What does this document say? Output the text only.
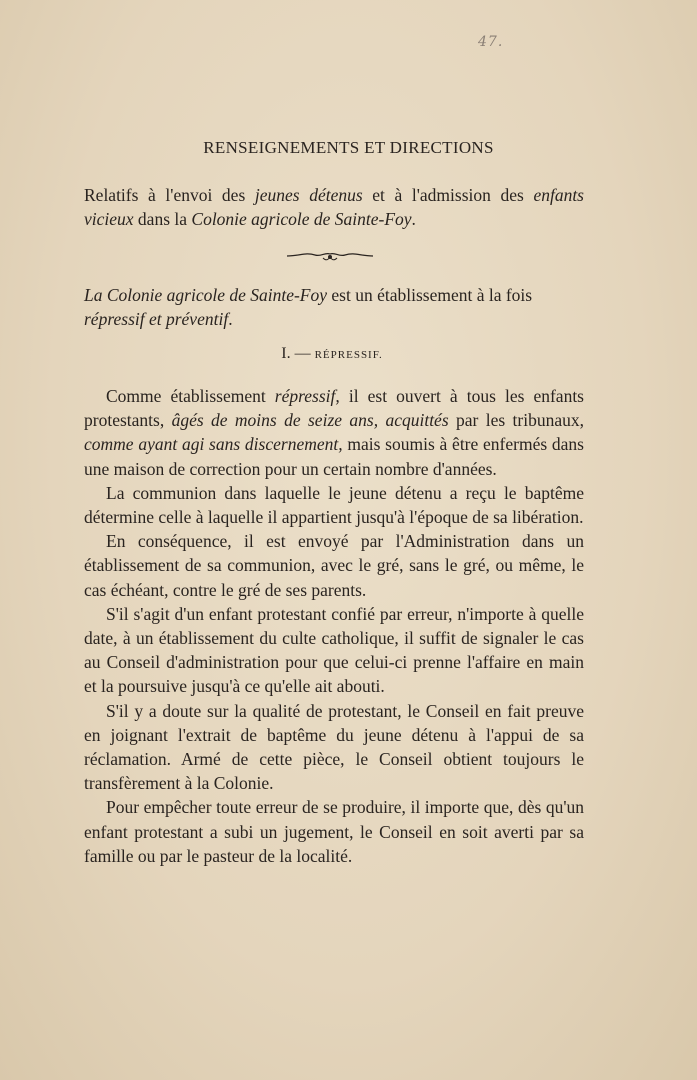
47.
RENSEIGNEMENTS ET DIRECTIONS
Relatifs à l'envoi des jeunes détenus et à l'admission des enfants vicieux dans la Colonie agricole de Sainte-Foy.
La Colonie agricole de Sainte-Foy est un établissement à la fois répressif et préventif.
I. — RÉPRESSIF.

Comme établissement répressif, il est ouvert à tous les enfants protestants, âgés de moins de seize ans, acquittés par les tribunaux, comme ayant agi sans discernement, mais soumis à être enfermés dans une maison de correction pour un certain nombre d'années.

La communion dans laquelle le jeune détenu a reçu le baptême détermine celle à laquelle il appartient jusqu'à l'époque de sa libération.

En conséquence, il est envoyé par l'Administration dans un établissement de sa communion, avec le gré, sans le gré, ou même, le cas échéant, contre le gré de ses parents.

S'il s'agit d'un enfant protestant confié par erreur, n'importe à quelle date, à un établissement du culte catholique, il suffit de signaler le cas au Conseil d'administration pour que celui-ci prenne l'affaire en main et la poursuive jusqu'à ce qu'elle ait abouti.

S'il y a doute sur la qualité de protestant, le Conseil en fait preuve en joignant l'extrait de baptême du jeune détenu à l'appui de sa réclamation. Armé de cette pièce, le Conseil obtient toujours le transfèrement à la Colonie.

Pour empêcher toute erreur de se produire, il importe que, dès qu'un enfant protestant a subi un jugement, le Conseil en soit averti par sa famille ou par le pasteur de la localité.
